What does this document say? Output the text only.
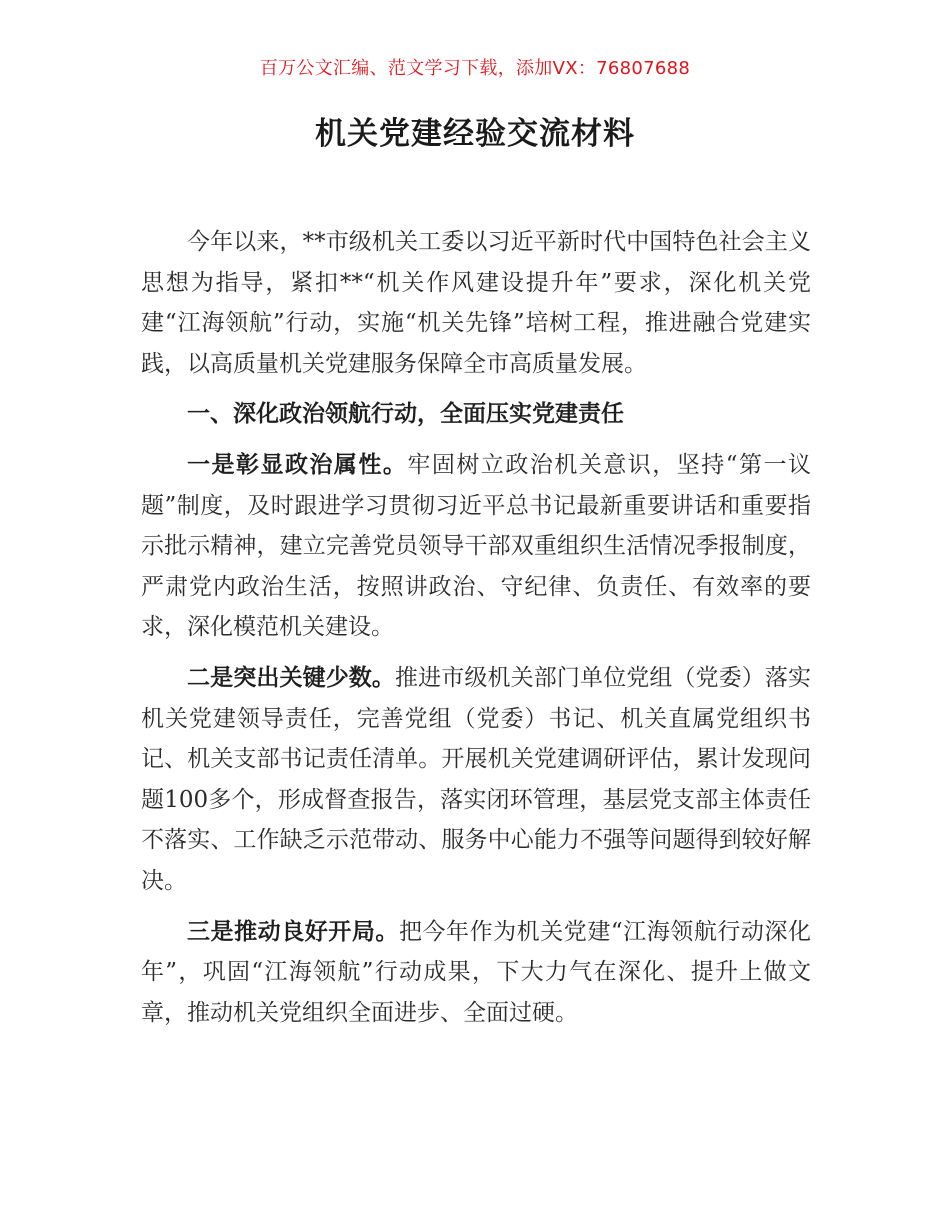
百万公文汇编、范文学习下载，添加VX：76807688
机关党建经验交流材料

今年以来，**市级机关工委以习近平新时代中国特色社会主义思想为指导，紧扣**“机关作风建设提升年”要求，深化机关党建“江海领航”行动，实施“机关先锋”培树工程，推进融合党建实践，以高质量机关党建服务保障全市高质量发展。

一、深化政治领航行动，全面压实党建责任

一是彰显政治属性。牢固树立政治机关意识，坚持“第一议题”制度，及时跟进学习贯彻习近平总书记最新重要讲话和重要指示批示精神，建立完善党员领导干部双重组织生活情况季报制度，严肃党内政治生活，按照讲政治、守纪律、负责任、有效率的要求，深化模范机关建设。

二是突出关键少数。推进市级机关部门单位党组（党委）落实机关党建领导责任，完善党组（党委）书记、机关直属党组织书记、机关支部书记责任清单。开展机关党建调研评估，累计发现问题100多个，形成督查报告，落实闭环管理，基层党支部主体责任不落实、工作缺乏示范带动、服务中心能力不强等问题得到较好解决。

三是推动良好开局。把今年作为机关党建“江海领航行动深化年”，巩固“江海领航”行动成果，下大力气在深化、提升上做文章，推动机关党组织全面进步、全面过硬。
